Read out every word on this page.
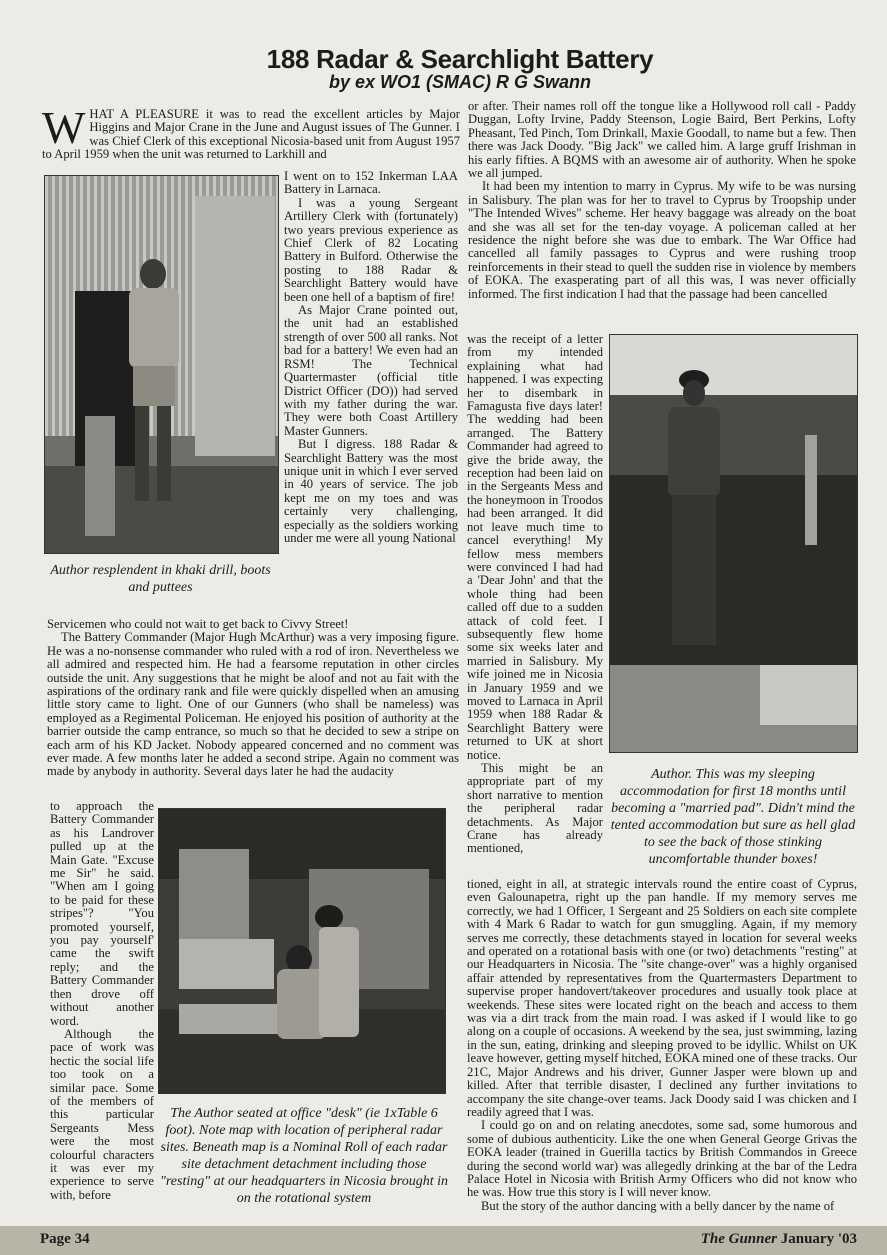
188 Radar & Searchlight Battery
by ex WO1 (SMAC) R G Swann
WHAT A PLEASURE it was to read the excellent articles by Major Higgins and Major Crane in the June and August issues of The Gunner. I was Chief Clerk of this exceptional Nicosia-based unit from August 1957 to April 1959 when the unit was returned to Larkhill and
Author resplendent in khaki drill, boots and puttees

I went on to 152 Inkerman LAA Battery in Larnaca.

I was a young Sergeant Artillery Clerk with (fortunately) two years previous experience as Chief Clerk of 82 Locating Battery in Bulford. Otherwise the posting to 188 Radar & Searchlight Battery would have been one hell of a baptism of fire!

As Major Crane pointed out, the unit had an established strength of over 500 all ranks. Not bad for a battery! We even had an RSM! The Technical Quartermaster (official title District Officer (DO)) had served with my father during the war. They were both Coast Artillery Master Gunners.

But I digress. 188 Radar & Searchlight Battery was the most unique unit in which I ever served in 40 years of service. The job kept me on my toes and was certainly very challenging, especially as the soldiers working under me were all young National

Servicemen who could not wait to get back to Civvy Street!

The Battery Commander (Major Hugh McArthur) was a very imposing figure. He was a no-nonsense commander who ruled with a rod of iron. Nevertheless we all admired and respected him. He had a fearsome reputation in other circles outside the unit. Any suggestions that he might be aloof and not au fait with the aspirations of the ordinary rank and file were quickly dispelled when an amusing little story came to light. One of our Gunners (who shall be nameless) was employed as a Regimental Policeman. He enjoyed his position of authority at the barrier outside the camp entrance, so much so that he decided to sew a stripe on each arm of his KD Jacket. Nobody appeared concerned and no comment was ever made. A few months later he added a second stripe. Again no comment was made by anybody in authority. Several days later he had the audacity

to approach the Battery Commander as his Landrover pulled up at the Main Gate. "Excuse me Sir" he said. "When am I going to be paid for these stripes"? "You promoted yourself, you pay yourself' came the swift reply; and the Battery Commander then drove off without another word.

Although the pace of work was hectic the social life too took on a similar pace. Some of the members of this particular Sergeants Mess were the most colourful characters it was ever my experience to serve with, before

The Author seated at office "desk" (ie 1xTable 6 foot). Note map with location of peripheral radar sites. Beneath map is a Nominal Roll of each radar site detachment detachment including those "resting" at our headquarters in Nicosia brought in on the rotational system

or after. Their names roll off the tongue like a Hollywood roll call - Paddy Duggan, Lofty Irvine, Paddy Steenson, Logie Baird, Bert Perkins, Lofty Pheasant, Ted Pinch, Tom Drinkall, Maxie Goodall, to name but a few. Then there was Jack Doody. "Big Jack" we called him. A large gruff Irishman in his early fifties. A BQMS with an awesome air of authority. When he spoke we all jumped.

It had been my intention to marry in Cyprus. My wife to be was nursing in Salisbury. The plan was for her to travel to Cyprus by Troopship under "The Intended Wives" scheme. Her heavy baggage was already on the boat and she was all set for the ten-day voyage. A policeman called at her residence the night before she was due to embark. The War Office had cancelled all family passages to Cyprus and were rushing troop reinforcements in their stead to quell the sudden rise in violence by members of EOKA. The exasperating part of all this was, I was never officially informed. The first indication I had that the passage had been cancelled

was the receipt of a letter from my intended explaining what had happened. I was expecting her to disembark in Famagusta five days later! The wedding had been arranged. The Battery Commander had agreed to give the bride away, the reception had been laid on in the Sergeants Mess and the honeymoon in Troodos had been arranged. It did not leave much time to cancel everything! My fellow mess members were convinced I had had a 'Dear John' and that the whole thing had been called off due to a sudden attack of cold feet. I subsequently flew home some six weeks later and married in Salisbury. My wife joined me in Nicosia in January 1959 and we moved to Larnaca in April 1959 when 188 Radar & Searchlight Battery were returned to UK at short notice.

This might be an appropriate part of my short narrative to mention the peripheral radar detachments. As Major Crane has already mentioned,

Author. This was my sleeping accommodation for first 18 months until becoming a "married pad". Didn't mind the tented accommodation but sure as hell glad to see the back of those stinking uncomfortable thunder boxes!

tioned, eight in all, at strategic intervals round the entire coast of Cyprus, even Galounapetra, right up the pan handle. If my memory serves me correctly, we had 1 Officer, 1 Sergeant and 25 Soldiers on each site complete with 4 Mark 6 Radar to watch for gun smuggling. Again, if my memory serves me correctly, these detachments stayed in location for several weeks and operated on a rotational basis with one (or two) detachments "resting" at our Headquarters in Nicosia. The "site change-over" was a highly organised affair attended by representatives from the Quartermasters Department to supervise proper handovert/takeover procedures and usually took place at weekends. These sites were located right on the beach and access to them was via a dirt track from the main road. I was asked if I would like to go along on a couple of occasions. A weekend by the sea, just swimming, lazing in the sun, eating, drinking and sleeping proved to be idyllic. Whilst on UK leave however, getting myself hitched, EOKA mined one of these tracks. Our 21C, Major Andrews and his driver, Gunner Jasper were blown up and killed. After that terrible disaster, I declined any further invitations to accompany the site change-over teams. Jack Doody said I was chicken and I readily agreed that I was.

I could go on and on relating anecdotes, some sad, some humorous and some of dubious authenticity. Like the one when General George Grivas the EOKA leader (trained in Guerilla tactics by British Commandos in Greece during the second world war) was allegedly drinking at the bar of the Ledra Palace Hotel in Nicosia with British Army Officers who did not know who he was. How true this story is I will never know.

But the story of the author dancing with a belly dancer by the name of

Page 34	The Gunner January '03
